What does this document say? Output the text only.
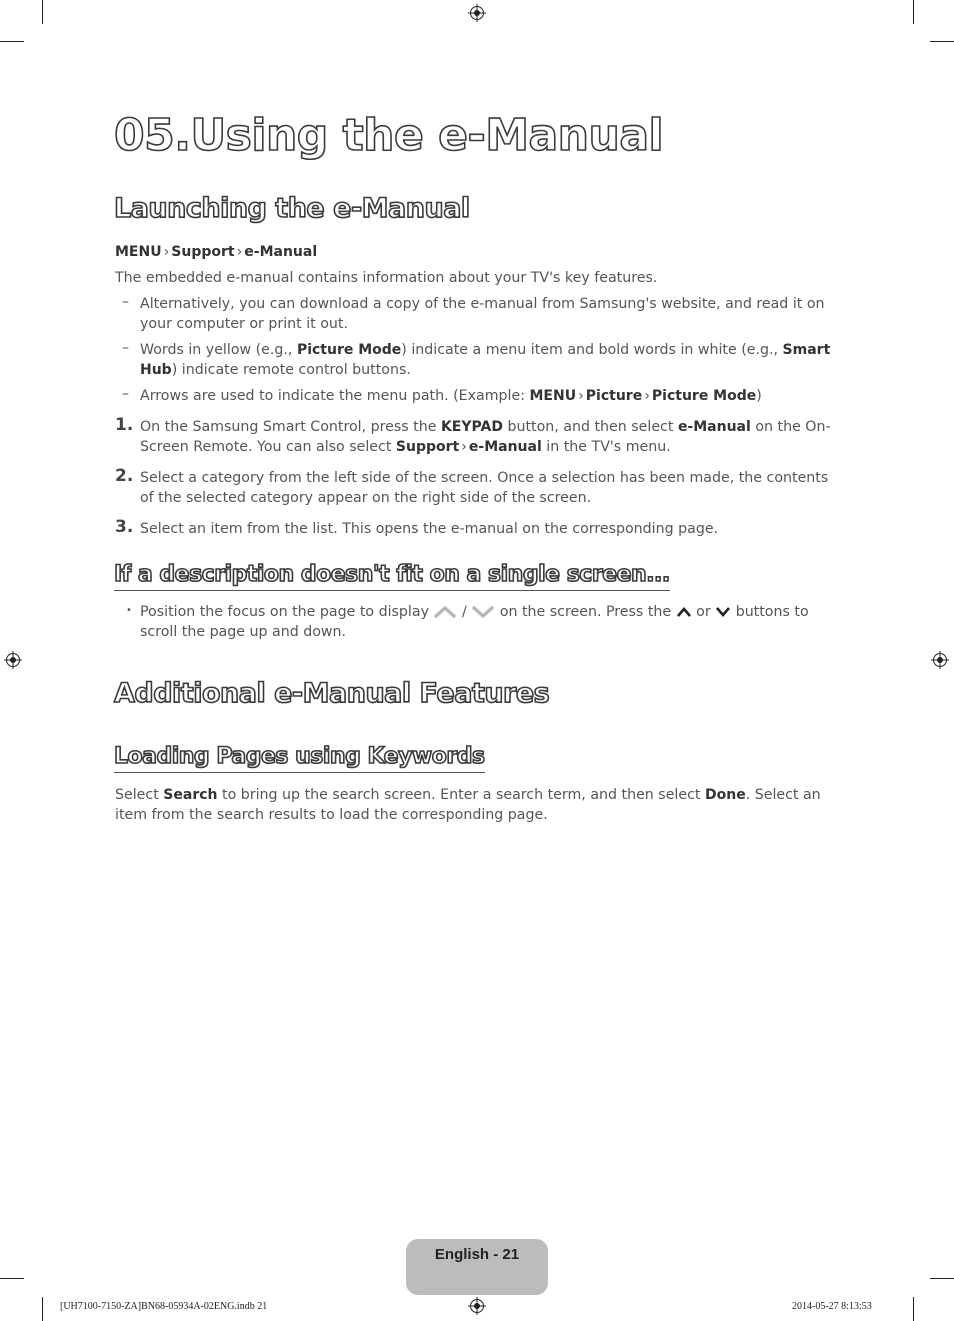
05.Using the e-Manual
Launching the e-Manual
MENU › Support › e-Manual
The embedded e-manual contains information about your TV's key features.
– Alternatively, you can download a copy of the e-manual from Samsung's website, and read it on your computer or print it out.
– Words in yellow (e.g., Picture Mode) indicate a menu item and bold words in white (e.g., Smart Hub) indicate remote control buttons.
– Arrows are used to indicate the menu path. (Example: MENU › Picture › Picture Mode)
1. On the Samsung Smart Control, press the KEYPAD button, and then select e-Manual on the On-Screen Remote. You can also select Support › e-Manual in the TV's menu.
2. Select a category from the left side of the screen. Once a selection has been made, the contents of the selected category appear on the right side of the screen.
3. Select an item from the list. This opens the e-manual on the corresponding page.
If a description doesn't fit on a single screen...
• Position the focus on the page to display / on the screen. Press the or buttons to scroll the page up and down.
Additional e-Manual Features
Loading Pages using Keywords
Select Search to bring up the search screen. Enter a search term, and then select Done. Select an item from the search results to load the corresponding page.
English - 21
[UH7100-7150-ZA]BN68-05934A-02ENG.indb 21	2014-05-27 8:13:53
